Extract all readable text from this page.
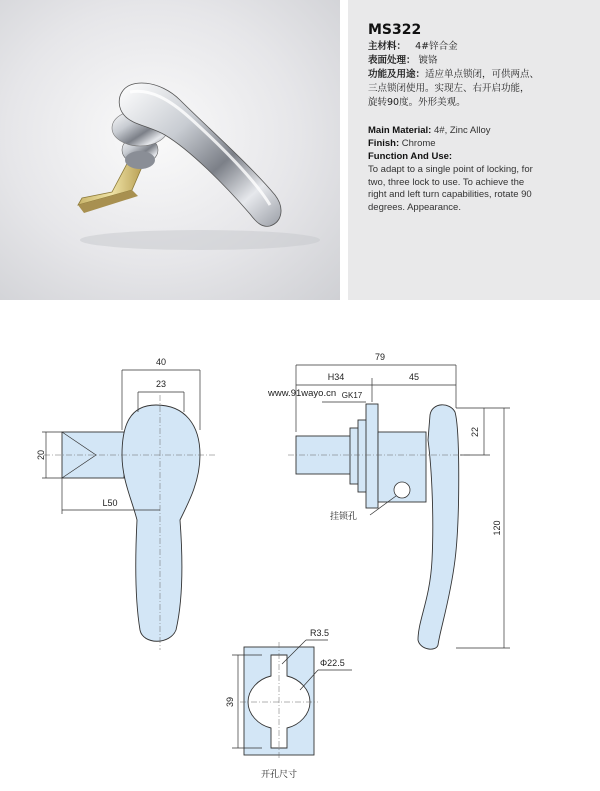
MS322
主材料： 4#锌合金
表面处理： 镀铬
功能及用途：适应单点锁闭，可供两点、
三点锁闭使用。实现左、右开启功能，
旋转90度。外形美观。
Main Material: 4#, Zinc Alloy
Finish: Chrome
Function And Use:
To adapt to a single point of locking, for
two, three lock to use. To achieve the
right and left turn capabilities, rotate 90
degrees. Appearance.
40
23
20
L50
79
H34	45
GK17
22
120
挂锁孔
R3.5
Φ22.5
39
开孔尺寸
www.91wayo.cn
